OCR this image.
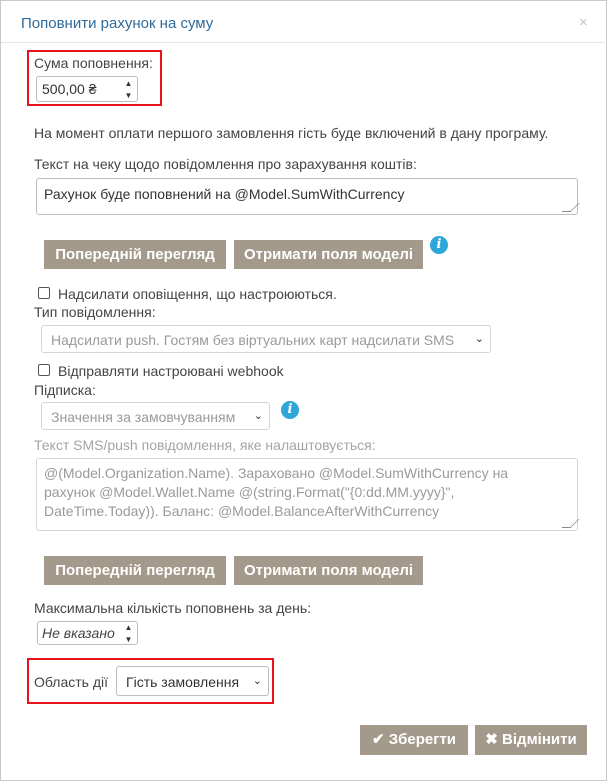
Поповнити рахунок на суму	×
Сума поповнення:
500,00 ₴	▲
▼
На момент оплати першого замовлення гість буде включений в дану програму.
Текст на чеку щодо повідомлення про зарахування коштів:
Рахунок буде поповнений на @Model.SumWithCurrency
Попередній перегляд	Отримати поля моделі
i
Надсилати оповіщення, що настроюються.
Тип повідомлення:
Надсилати push. Гостям без віртуальних карт надсилати SMS ⌄
Відправляти настроювані webhook
Підписка:
Значення за замовчуванням ⌄	i
Текст SMS/push повідомлення, яке налаштовується:
@(Model.Organization.Name). Зараховано @Model.SumWithCurrency на
рахунок @Model.Wallet.Name @(string.Format("{0:dd.MM.yyyy}",
DateTime.Today)). Баланс: @Model.BalanceAfterWithCurrency
Попередній перегляд	Отримати поля моделі
Максимальна кількість поповнень за день:
Не вказано ▲
▼
Область дії Гість замовлення ⌄
✔ Зберегти	✖ Відмінити
